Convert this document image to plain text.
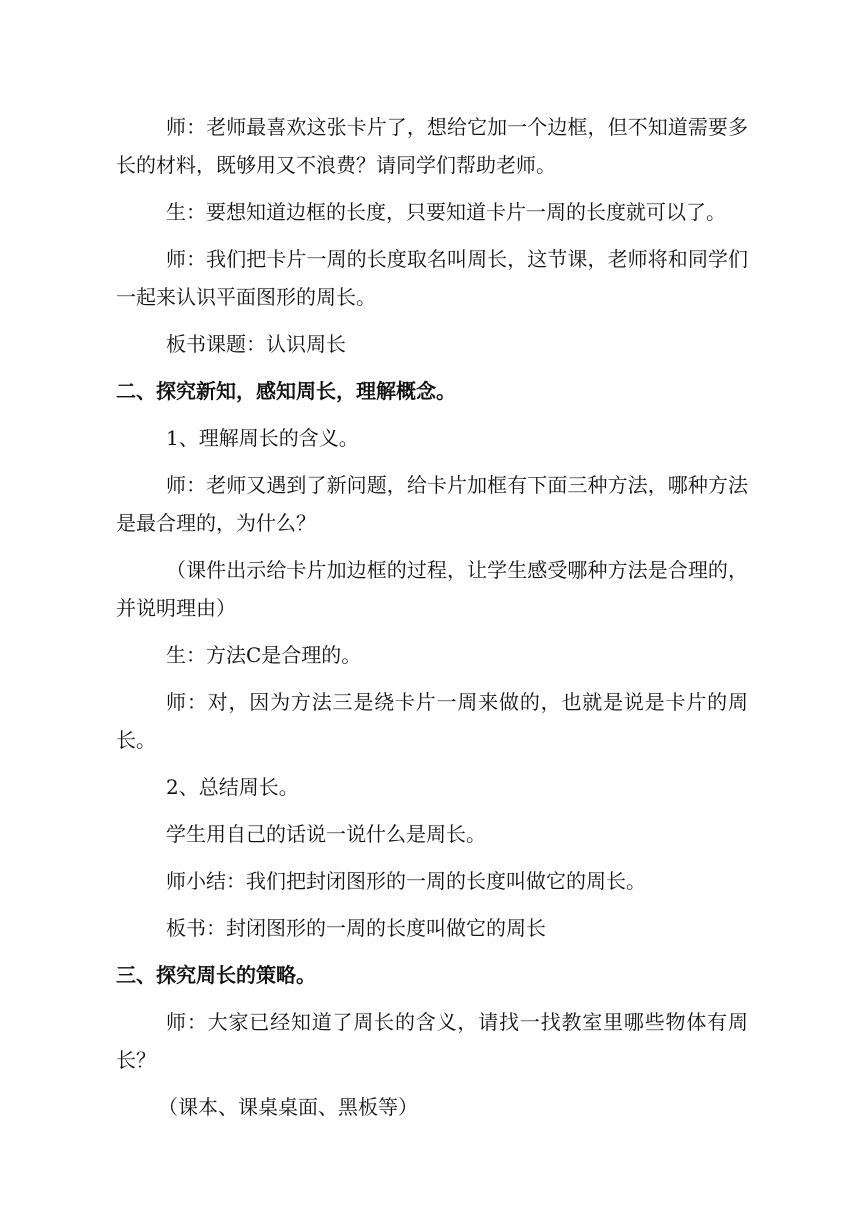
师：老师最喜欢这张卡片了，想给它加一个边框，但不知道需要多长的材料，既够用又不浪费？请同学们帮助老师。

生：要想知道边框的长度，只要知道卡片一周的长度就可以了。

师：我们把卡片一周的长度取名叫周长，这节课，老师将和同学们一起来认识平面图形的周长。

板书课题：认识周长

二、探究新知，感知周长，理解概念。

1、理解周长的含义。

师：老师又遇到了新问题，给卡片加框有下面三种方法，哪种方法是最合理的，为什么？

（课件出示给卡片加边框的过程，让学生感受哪种方法是合理的，并说明理由）

生：方法C是合理的。

师：对，因为方法三是绕卡片一周来做的，也就是说是卡片的周长。

2、总结周长。

学生用自己的话说一说什么是周长。

师小结：我们把封闭图形的一周的长度叫做它的周长。

板书：封闭图形的一周的长度叫做它的周长

三、探究周长的策略。

师：大家已经知道了周长的含义，请找一找教室里哪些物体有周长？

（课本、课桌桌面、黑板等）
